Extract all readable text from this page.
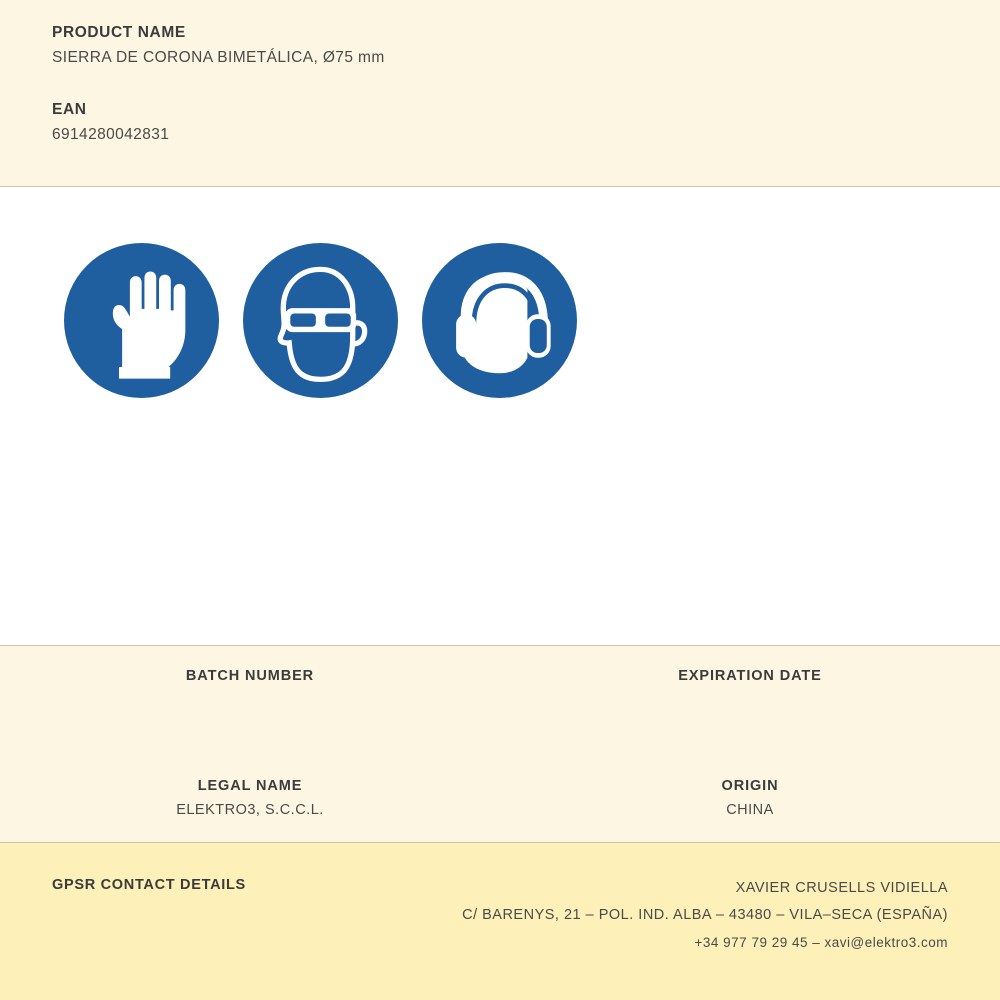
PRODUCT NAME

SIERRA DE CORONA BIMETÁLICA, Ø75 mm

EAN

6914280042831

BATCH NUMBER	EXPIRATION DATE

LEGAL NAME

ELEKTRO3, S.C.C.L.

ORIGIN

CHINA

GPSR CONTACT DETAILS	XAVIER CRUSELLS VIDIELLA
C/ BARENYS, 21 – POL. IND. ALBA – 43480 – VILA–SECA (ESPAÑA)
+34 977 79 29 45 – xavi@elektro3.com
